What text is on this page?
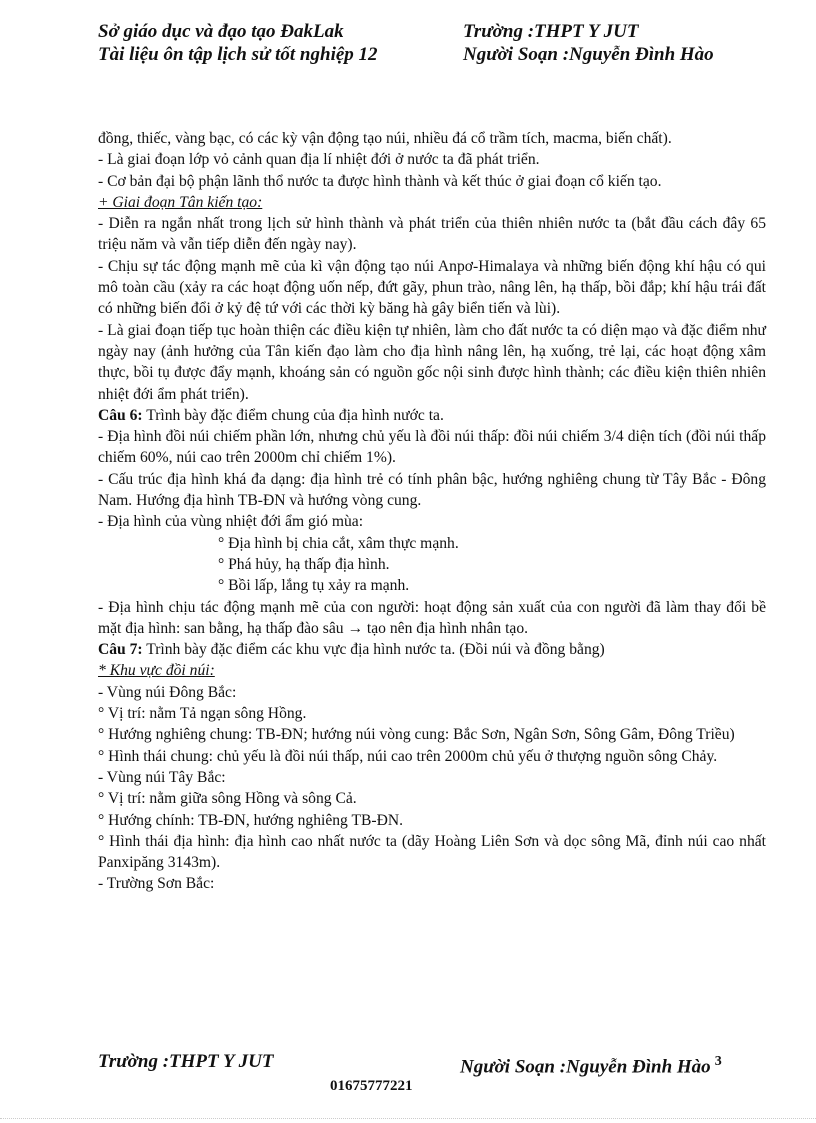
Sở giáo dục và đạo tạo ĐakLak	Trường :THPT Y JUT
Tài liệu ôn tập lịch sử tốt nghiệp 12	Người Soạn :Nguyễn Đình Hào

đồng, thiếc, vàng bạc, có các kỳ vận động tạo núi, nhiều đá cổ trầm tích, macma, biến chất).

- Là giai đoạn lớp vỏ cảnh quan địa lí nhiệt đới ở nước ta đã phát triển.

- Cơ bản đại bộ phận lãnh thổ nước ta được hình thành và kết thúc ở giai đoạn cổ kiến tạo.

+ Giai đoạn Tân kiến tạo:

- Diễn ra ngắn nhất trong lịch sử hình thành và phát triển của thiên nhiên nước ta (bắt đầu cách đây 65 triệu năm và vẫn tiếp diễn đến ngày nay).

- Chịu sự tác động mạnh mẽ của kì vận động tạo núi Anpơ-Himalaya và những biến động khí hậu có qui mô toàn cầu (xảy ra các hoạt động uốn nếp, đứt gãy, phun trào, nâng lên, hạ thấp, bồi đắp; khí hậu trái đất có những biến đổi ở kỷ đệ tứ với các thời kỳ băng hà gây biển tiến và lùi).

- Là giai đoạn tiếp tục hoàn thiện các điều kiện tự nhiên, làm cho đất nước ta có diện mạo và đặc điểm như ngày nay (ảnh hưởng của Tân kiến đạo làm cho địa hình nâng lên, hạ xuống, trẻ lại, các hoạt động xâm thực, bồi tụ được đẩy mạnh, khoáng sản có nguồn gốc nội sinh được hình thành; các điều kiện thiên nhiên nhiệt đới ẩm phát triển).

Câu 6: Trình bày đặc điểm chung của địa hình nước ta.

- Địa hình đồi núi chiếm phần lớn, nhưng chủ yếu là đồi núi thấp: đồi núi chiếm 3/4 diện tích (đồi núi thấp chiếm 60%, núi cao trên 2000m chỉ chiếm 1%).

- Cấu trúc địa hình khá đa dạng: địa hình trẻ có tính phân bậc, hướng nghiêng chung từ Tây Bắc - Đông Nam. Hướng địa hình TB-ĐN và hướng vòng cung.

- Địa hình của vùng nhiệt đới ẩm gió mùa:

° Địa hình bị chia cắt, xâm thực mạnh.

° Phá hủy, hạ thấp địa hình.

° Bồi lấp, lắng tụ xảy ra mạnh.

- Địa hình chịu tác động mạnh mẽ của con người: hoạt động sản xuất của con người đã làm thay đổi bề mặt địa hình: san bằng, hạ thấp đào sâu → tạo nên địa hình nhân tạo.

Câu 7: Trình bày đặc điểm các khu vực địa hình nước ta. (Đồi núi và đồng bằng)

* Khu vực đồi núi:

- Vùng núi Đông Bắc:

° Vị trí: nằm Tả ngạn sông Hồng.

° Hướng nghiêng chung: TB-ĐN; hướng núi vòng cung: Bắc Sơn, Ngân Sơn, Sông Gâm, Đông Triều)

° Hình thái chung: chủ yếu là đồi núi thấp, núi cao trên 2000m chủ yếu ở thượng nguồn sông Chảy.

- Vùng núi Tây Bắc:

° Vị trí: nằm giữa sông Hồng và sông Cả.

° Hướng chính: TB-ĐN, hướng nghiêng TB-ĐN.

° Hình thái địa hình: địa hình cao nhất nước ta (dãy Hoàng Liên Sơn và dọc sông Mã, đỉnh núi cao nhất Panxipăng 3143m).

- Trường Sơn Bắc:

Trường :THPT Y JUT	Người Soạn :Nguyễn Đình Hào $^3$
01675777221
